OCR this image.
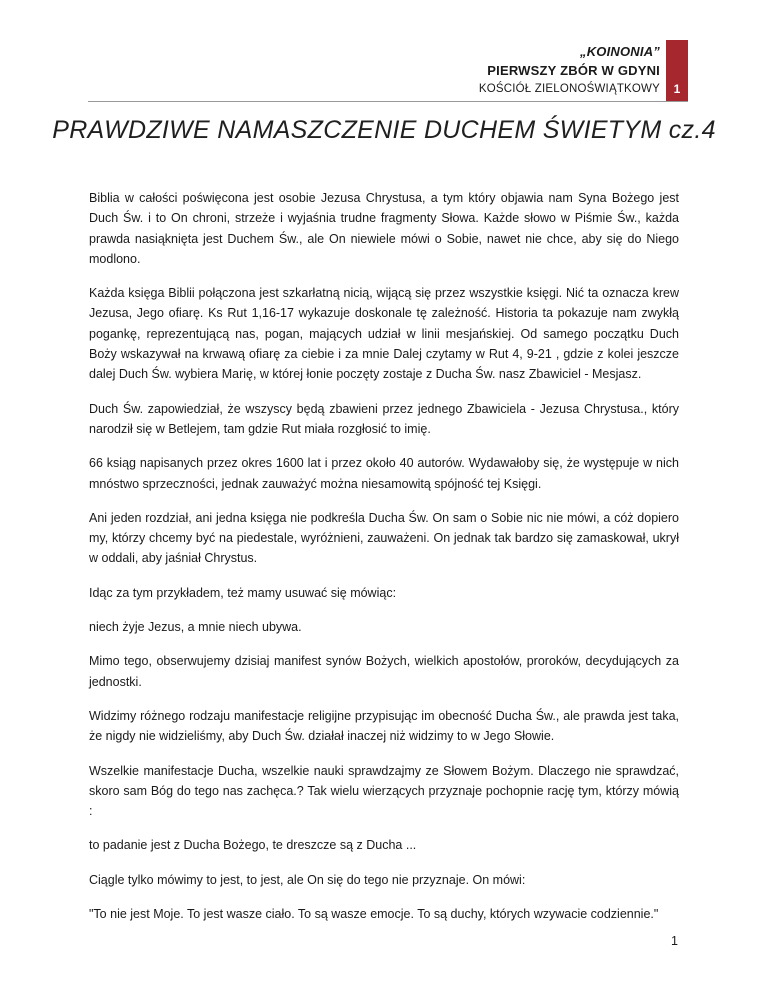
„KOINONIA”
PIERWSZY ZBÓR W GDYNI
KOŚCIÓŁ ZIELONOŚWIĄTKOWY 1
PRAWDZIWE NAMASZCZENIE DUCHEM ŚWIETYM cz.4

Biblia w całości poświęcona jest osobie Jezusa Chrystusa, a tym który objawia nam Syna Bożego jest Duch Św. i to On chroni, strzeże i wyjaśnia trudne fragmenty Słowa. Każde słowo w Piśmie Św., każda prawda nasiąknięta jest Duchem Św., ale On niewiele mówi o Sobie, nawet nie chce, aby się do Niego modlono.

Każda księga Biblii połączona jest szkarłatną nicią, wijącą się przez wszystkie księgi. Nić ta oznacza krew Jezusa, Jego ofiarę. Ks Rut 1,16-17 wykazuje doskonale tę zależność. Historia ta pokazuje nam zwykłą pogankę, reprezentującą nas, pogan, mających udział w linii mesjańskiej. Od samego początku Duch Boży wskazywał na krwawą ofiarę za ciebie i za mnie Dalej czytamy w Rut 4, 9-21 , gdzie z kolei jeszcze dalej Duch Św. wybiera Marię, w której łonie poczęty zostaje z Ducha Św. nasz Zbawiciel - Mesjasz.

Duch Św. zapowiedział, że wszyscy będą zbawieni przez jednego Zbawiciela - Jezusa Chrystusa., który narodził się w Betlejem, tam gdzie Rut miała rozgłosić to imię.

66 ksiąg napisanych przez okres 1600 lat i przez około 40 autorów. Wydawałoby się, że występuje w nich mnóstwo sprzeczności, jednak zauważyć można niesamowitą spójność tej Księgi.

Ani jeden rozdział, ani jedna księga nie podkreśla Ducha Św. On sam o Sobie nic nie mówi, a cóż dopiero my, którzy chcemy być na piedestale, wyróżnieni, zauważeni. On jednak tak bardzo się zamaskował, ukrył w oddali, aby jaśniał Chrystus.

Idąc za tym przykładem, też mamy usuwać się mówiąc:

niech żyje Jezus, a mnie niech ubywa.

Mimo tego, obserwujemy dzisiaj manifest synów Bożych, wielkich apostołów, proroków, decydujących za jednostki.

Widzimy różnego rodzaju manifestacje religijne przypisując im obecność Ducha Św., ale prawda jest taka, że nigdy nie widzieliśmy, aby Duch Św. działał inaczej niż widzimy to w Jego Słowie.

Wszelkie manifestacje Ducha, wszelkie nauki sprawdzajmy ze Słowem Bożym. Dlaczego nie sprawdzać, skoro sam Bóg do tego nas zachęca.? Tak wielu wierzących przyznaje pochopnie rację tym, którzy mówią :

to padanie jest z Ducha Bożego, te dreszcze są z Ducha ...

Ciągle tylko mówimy to jest, to jest, ale On się do tego nie przyznaje. On mówi:

"To nie jest Moje. To jest wasze ciało. To są wasze emocje. To są duchy, których wzywacie codziennie."

1
